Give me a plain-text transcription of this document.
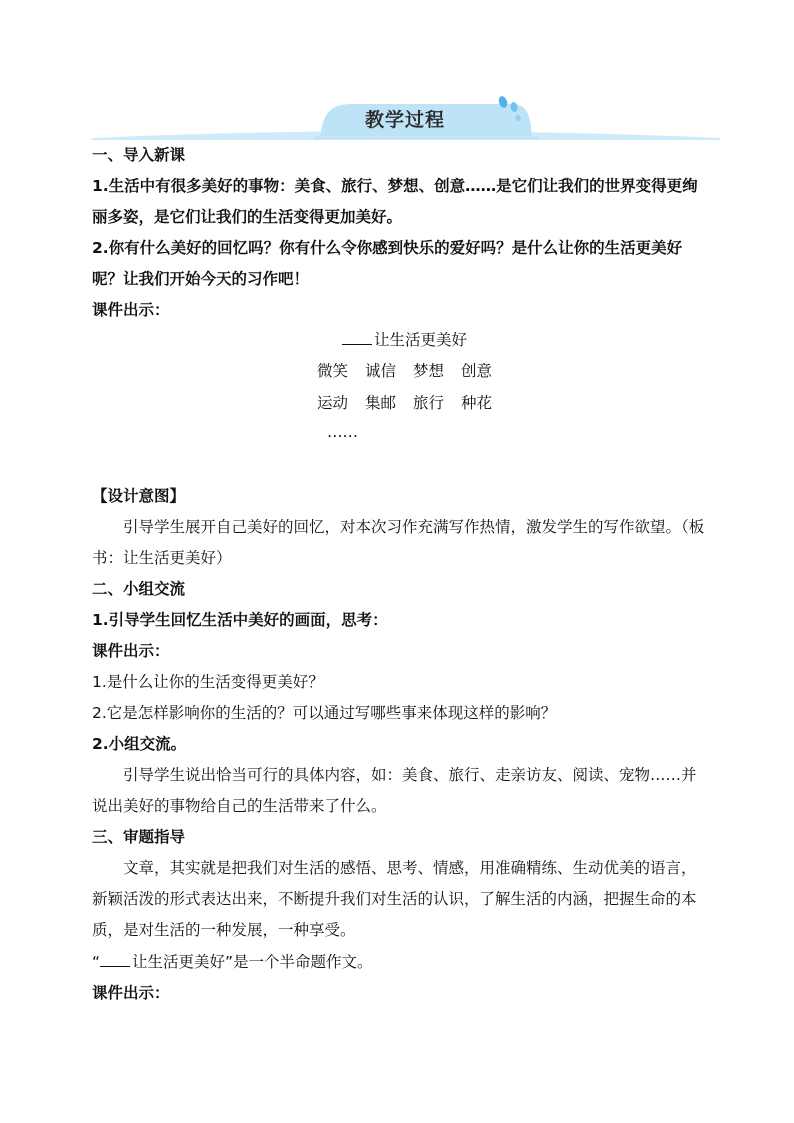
教学过程
一、导入新课
1.生活中有很多美好的事物：美食、旅行、梦想、创意……是它们让我们的世界变得更绚
丽多姿，是它们让我们的生活变得更加美好。
2.你有什么美好的回忆吗？你有什么令你感到快乐的爱好吗？是什么让你的生活更美好
呢？让我们开始今天的习作吧！
课件出示：
让生活更美好
微笑 诚信 梦想 创意
运动 集邮 旅行 种花
……
【设计意图】
引导学生展开自己美好的回忆，对本次习作充满写作热情，激发学生的写作欲望。（板
书：让生活更美好）
二、小组交流
1.引导学生回忆生活中美好的画面，思考：
课件出示：
1.是什么让你的生活变得更美好？
2.它是怎样影响你的生活的？可以通过写哪些事来体现这样的影响？
2.小组交流。
引导学生说出恰当可行的具体内容，如：美食、旅行、走亲访友、阅读、宠物……并
说出美好的事物给自己的生活带来了什么。
三、审题指导
文章，其实就是把我们对生活的感悟、思考、情感，用准确精练、生动优美的语言，
新颖活泼的形式表达出来，不断提升我们对生活的认识，了解生活的内涵，把握生命的本
质，是对生活的一种发展，一种享受。
“ 让生活更美好”是一个半命题作文。
课件出示：
